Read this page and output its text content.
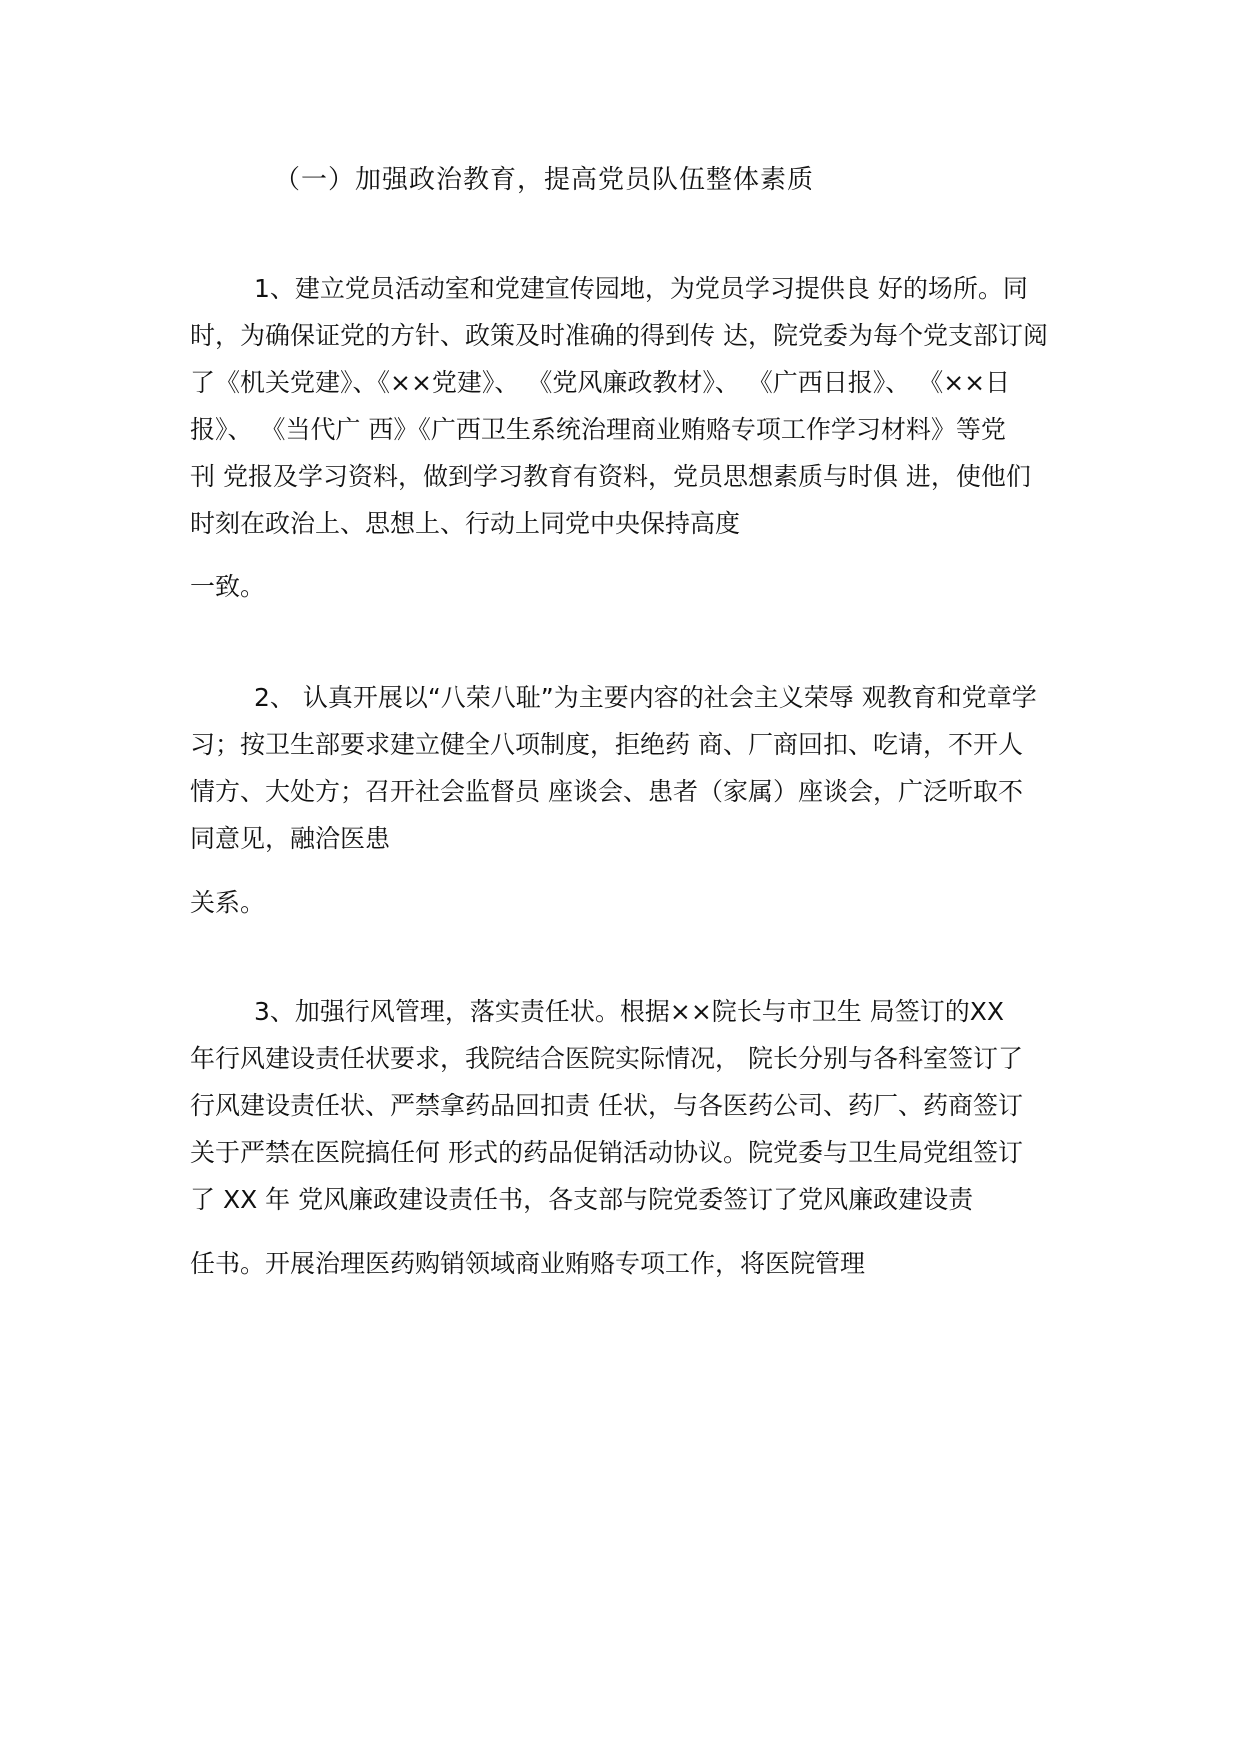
（一）加强政治教育，提高党员队伍整体素质

1、建立党员活动室和党建宣传园地，为党员学习提供良 好的场所。同
时，为确保证党的方针、政策及时准确的得到传 达，院党委为每个党支部订阅
了《机关党建》、《××党建》、 《党风廉政教材》、 《广西日报》、 《××日
报》、 《当代广 西》《广西卫生系统治理商业贿赂专项工作学习材料》等党
刊 党报及学习资料，做到学习教育有资料，党员思想素质与时俱 进，使他们
时刻在政治上、思想上、行动上同党中央保持高度

一致。

2、 认真开展以“八荣八耻”为主要内容的社会主义荣辱 观教育和党章学
习；按卫生部要求建立健全八项制度，拒绝药 商、厂商回扣、吃请，不开人
情方、大处方；召开社会监督员 座谈会、患者（家属）座谈会，广泛听取不
同意见，融洽医患

关系。

3、加强行风管理，落实责任状。根据××院长与市卫生 局签订的XX
年行风建设责任状要求，我院结合医院实际情况， 院长分别与各科室签订了
行风建设责任状、严禁拿药品回扣责 任状，与各医药公司、药厂、药商签订
关于严禁在医院搞任何 形式的药品促销活动协议。院党委与卫生局党组签订
了 XX 年 党风廉政建设责任书，各支部与院党委签订了党风廉政建设责

任书。开展治理医药购销领域商业贿赂专项工作，将医院管理
